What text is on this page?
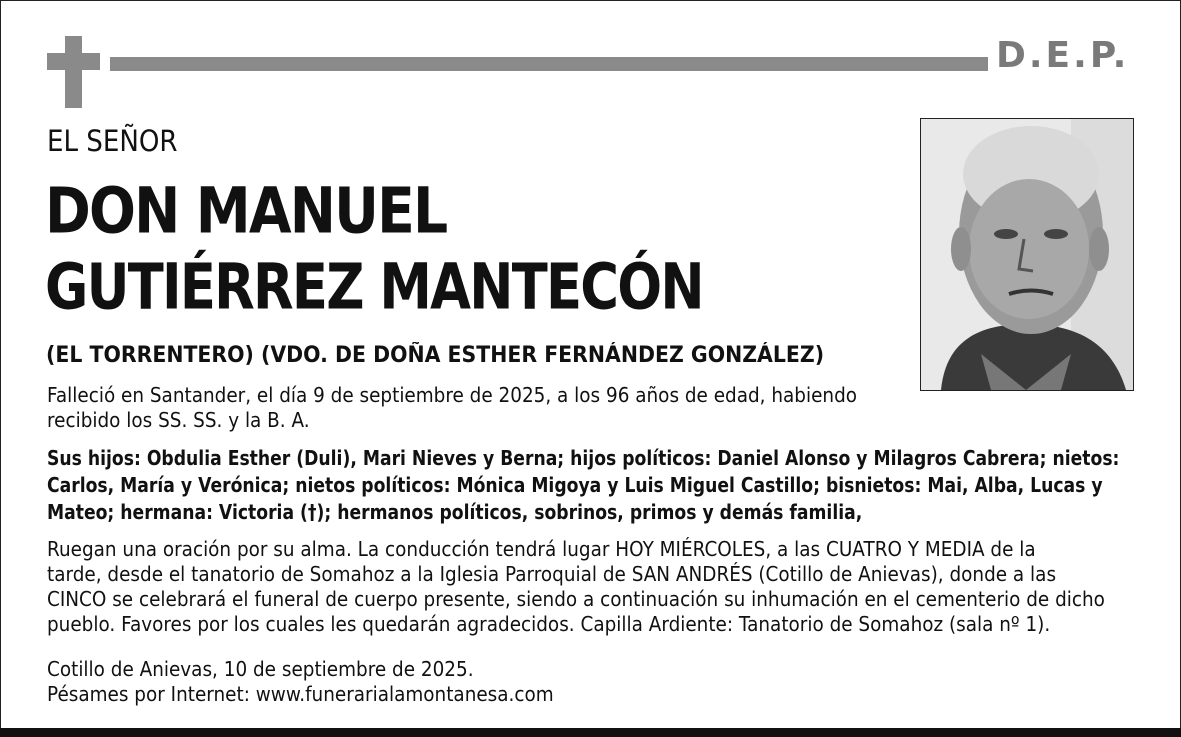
D.E.P.
EL SEÑOR
DON MANUEL
GUTIÉRREZ MANTECÓN
(EL TORRENTERO) (VDO. DE DOÑA ESTHER FERNÁNDEZ GONZÁLEZ)
Falleció en Santander, el día 9 de septiembre de 2025, a los 96 años de edad, habiendo
recibido los SS. SS. y la B. A.
Sus hijos: Obdulia Esther (Duli), Mari Nieves y Berna; hijos políticos: Daniel Alonso y Milagros Cabrera; nietos:
Carlos, María y Verónica; nietos políticos: Mónica Migoya y Luis Miguel Castillo; bisnietos: Mai, Alba, Lucas y
Mateo; hermana: Victoria (†); hermanos políticos, sobrinos, primos y demás familia,
Ruegan una oración por su alma. La conducción tendrá lugar HOY MIÉRCOLES, a las CUATRO Y MEDIA de la
tarde, desde el tanatorio de Somahoz a la Iglesia Parroquial de SAN ANDRÉS (Cotillo de Anievas), donde a las
CINCO se celebrará el funeral de cuerpo presente, siendo a continuación su inhumación en el cementerio de dicho
pueblo. Favores por los cuales les quedarán agradecidos. Capilla Ardiente: Tanatorio de Somahoz (sala nº 1).
Cotillo de Anievas, 10 de septiembre de 2025.
Pésames por Internet: www.funerarialamontanesa.com
